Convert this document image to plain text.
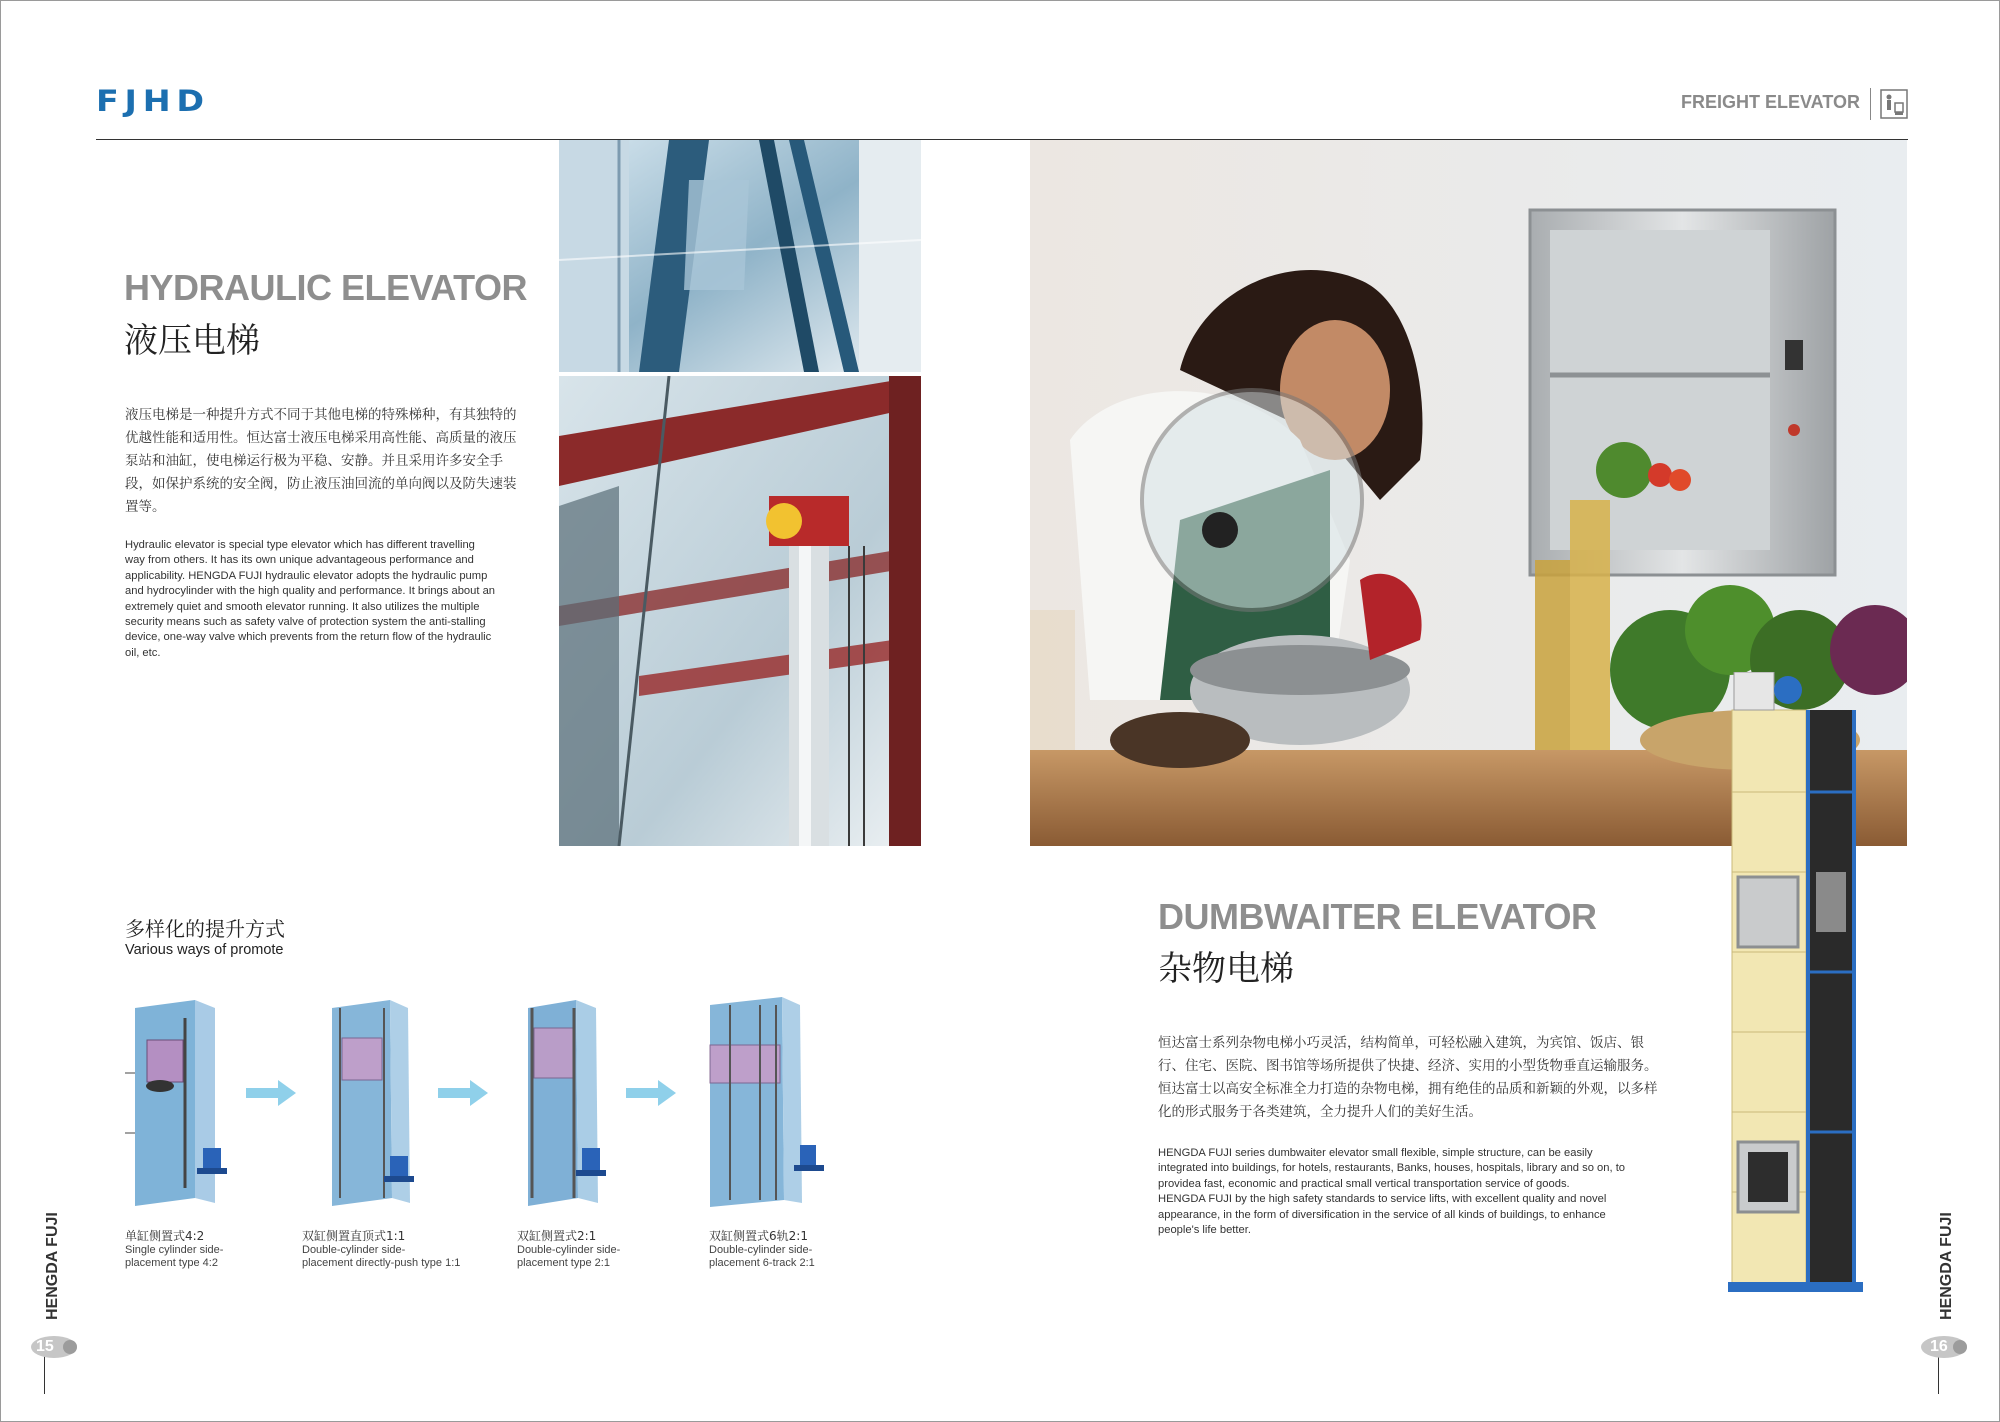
FJHD	FREIGHT ELEVATOR
HYDRAULIC ELEVATOR
液压电梯
液压电梯是一种提升方式不同于其他电梯的特殊梯种，有其独特的
优越性能和适用性。恒达富士液压电梯采用高性能、高质量的液压
泵站和油缸，使电梯运行极为平稳、安静。并且采用许多安全手
段，如保护系统的安全阀，防止液压油回流的单向阀以及防失速装
置等。
Hydraulic elevator is special type elevator which has different travelling
way from others. It has its own unique advantageous performance and
applicability. HENGDA FUJI hydraulic elevator adopts the hydraulic pump
and hydrocylinder with the high quality and performance. It brings about an
extremely quiet and smooth elevator running. It also utilizes the multiple
security means such as safety valve of protection system the anti-stalling
device, one-way valve which prevents from the return flow of the hydraulic
oil, etc.
多样化的提升方式
Various ways of promote
单缸侧置式4:2
Single cylinder side-
placement type 4:2
双缸侧置直顶式1:1
Double-cylinder side-
placement directly-push type 1:1
双缸侧置式2:1
Double-cylinder side-
placement type 2:1
双缸侧置式6轨2:1
Double-cylinder side-
placement 6-track 2:1
DUMBWAITER ELEVATOR
杂物电梯
恒达富士系列杂物电梯小巧灵活，结构简单，可轻松融入建筑，为宾馆、饭店、银
行、住宅、医院、图书馆等场所提供了快捷、经济、实用的小型货物垂直运输服务。
恒达富士以高安全标准全力打造的杂物电梯，拥有绝佳的品质和新颖的外观，以多样
化的形式服务于各类建筑，全力提升人们的美好生活。
HENGDA FUJI series dumbwaiter elevator small flexible, simple structure, can be easily
integrated into buildings, for hotels, restaurants, Banks, houses, hospitals, library and so on, to
providea fast, economic and practical small vertical transportation service of goods.
HENGDA FUJI by the high safety standards to service lifts, with excellent quality and novel
appearance, in the form of diversification in the service of all kinds of buildings, to enhance
people's life better.
HENGDA FUJI	HENGDA FUJI
15	16
